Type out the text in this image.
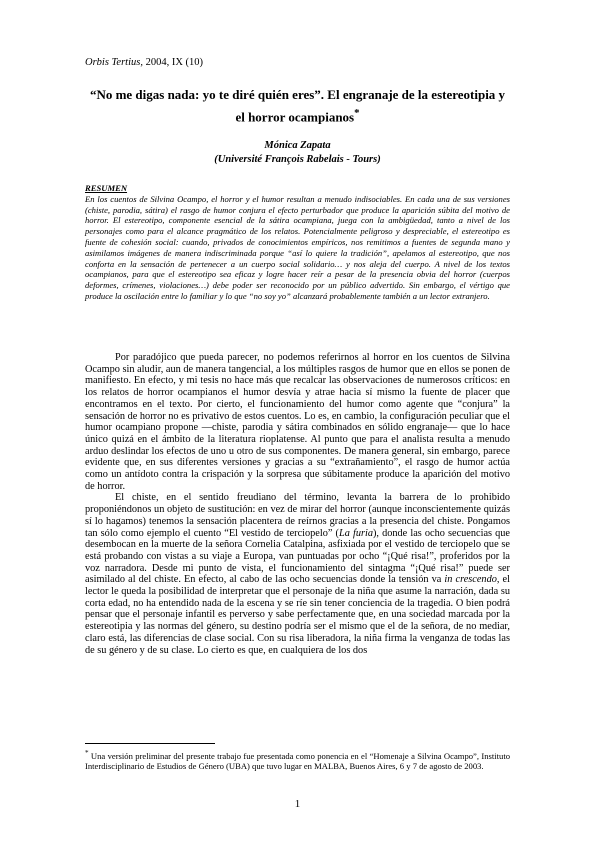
Orbis Tertius, 2004, IX (10)
“No me digas nada: yo te diré quién eres”. El engranaje de la estereotipia y el horror ocampianos*
Mónica Zapata
(Université François Rabelais - Tours)
RESUMEN
En los cuentos de Silvina Ocampo, el horror y el humor resultan a menudo indisociables. En cada una de sus versiones (chiste, parodia, sátira) el rasgo de humor conjura el efecto perturbador que produce la aparición súbita del motivo de horror. El estereotipo, componente esencial de la sátira ocampiana, juega con la ambigüedad, tanto a nivel de los personajes como para el alcance pragmático de los relatos. Potencialmente peligroso y despreciable, el estereotipo es fuente de cohesión social: cuando, privados de conocimientos empíricos, nos remitimos a fuentes de segunda mano y asimilamos imágenes de manera indiscriminada porque “así lo quiere la tradición”, apelamos al estereotipo, que nos conforta en la sensación de pertenecer a un cuerpo social solidario… y nos aleja del cuerpo. A nivel de los textos ocampianos, para que el estereotipo sea eficaz y logre hacer reír a pesar de la presencia obvia del horror (cuerpos deformes, crímenes, violaciones…) debe poder ser reconocido por un público advertido. Sin embargo, el vértigo que produce la oscilación entre lo familiar y lo que “no soy yo” alcanzará probablemente también a un lector extranjero.

Por paradójico que pueda parecer, no podemos referirnos al horror en los cuentos de Silvina Ocampo sin aludir, aun de manera tangencial, a los múltiples rasgos de humor que en ellos se ponen de manifiesto. En efecto, y mi tesis no hace más que recalcar las observaciones de numerosos críticos: en los relatos de horror ocampianos el humor desvía y atrae hacia sí mismo la fuente de placer que encontramos en el texto. Por cierto, el funcionamiento del humor como agente que “conjura” la sensación de horror no es privativo de estos cuentos. Lo es, en cambio, la configuración peculiar que el humor ocampiano propone —chiste, parodia y sátira combinados en sólido engranaje— que lo hace único quizá en el ámbito de la literatura rioplatense. Al punto que para el analista resulta a menudo arduo deslindar los efectos de uno u otro de sus componentes. De manera general, sin embargo, parece evidente que, en sus diferentes versiones y gracias a su “extrañamiento”, el rasgo de humor actúa como un antídoto contra la crispación y la sorpresa que súbitamente produce la aparición del motivo de horror.

El chiste, en el sentido freudiano del término, levanta la barrera de lo prohibido proponiéndonos un objeto de sustitución: en vez de mirar del horror (aunque inconscientemente quizás sí lo hagamos) tenemos la sensación placentera de reírnos gracias a la presencia del chiste. Pongamos tan sólo como ejemplo el cuento “El vestido de terciopelo” (La furia), donde las ocho secuencias que desembocan en la muerte de la señora Cornelia Catalpina, asfixiada por el vestido de terciopelo que se está probando con vistas a su viaje a Europa, van puntuadas por ocho “¡Qué risa!”, proferidos por la voz narradora. Desde mi punto de vista, el funcionamiento del sintagma “¡Qué risa!” puede ser asimilado al del chiste. En efecto, al cabo de las ocho secuencias donde la tensión va in crescendo, el lector le queda la posibilidad de interpretar que el personaje de la niña que asume la narración, dada su corta edad, no ha entendido nada de la escena y se ríe sin tener conciencia de la tragedia. O bien podrá pensar que el personaje infantil es perverso y sabe perfectamente que, en una sociedad marcada por la estereotipia y las normas del género, su destino podría ser el mismo que el de la señora, de no mediar, claro está, las diferencias de clase social. Con su risa liberadora, la niña firma la venganza de todas las de su género y de su clase. Lo cierto es que, en cualquiera de los dos

* Una versión preliminar del presente trabajo fue presentada como ponencia en el “Homenaje a Silvina Ocampo”, Instituto Interdisciplinario de Estudios de Género (UBA) que tuvo lugar en MALBA, Buenos Aires, 6 y 7 de agosto de 2003.
1
